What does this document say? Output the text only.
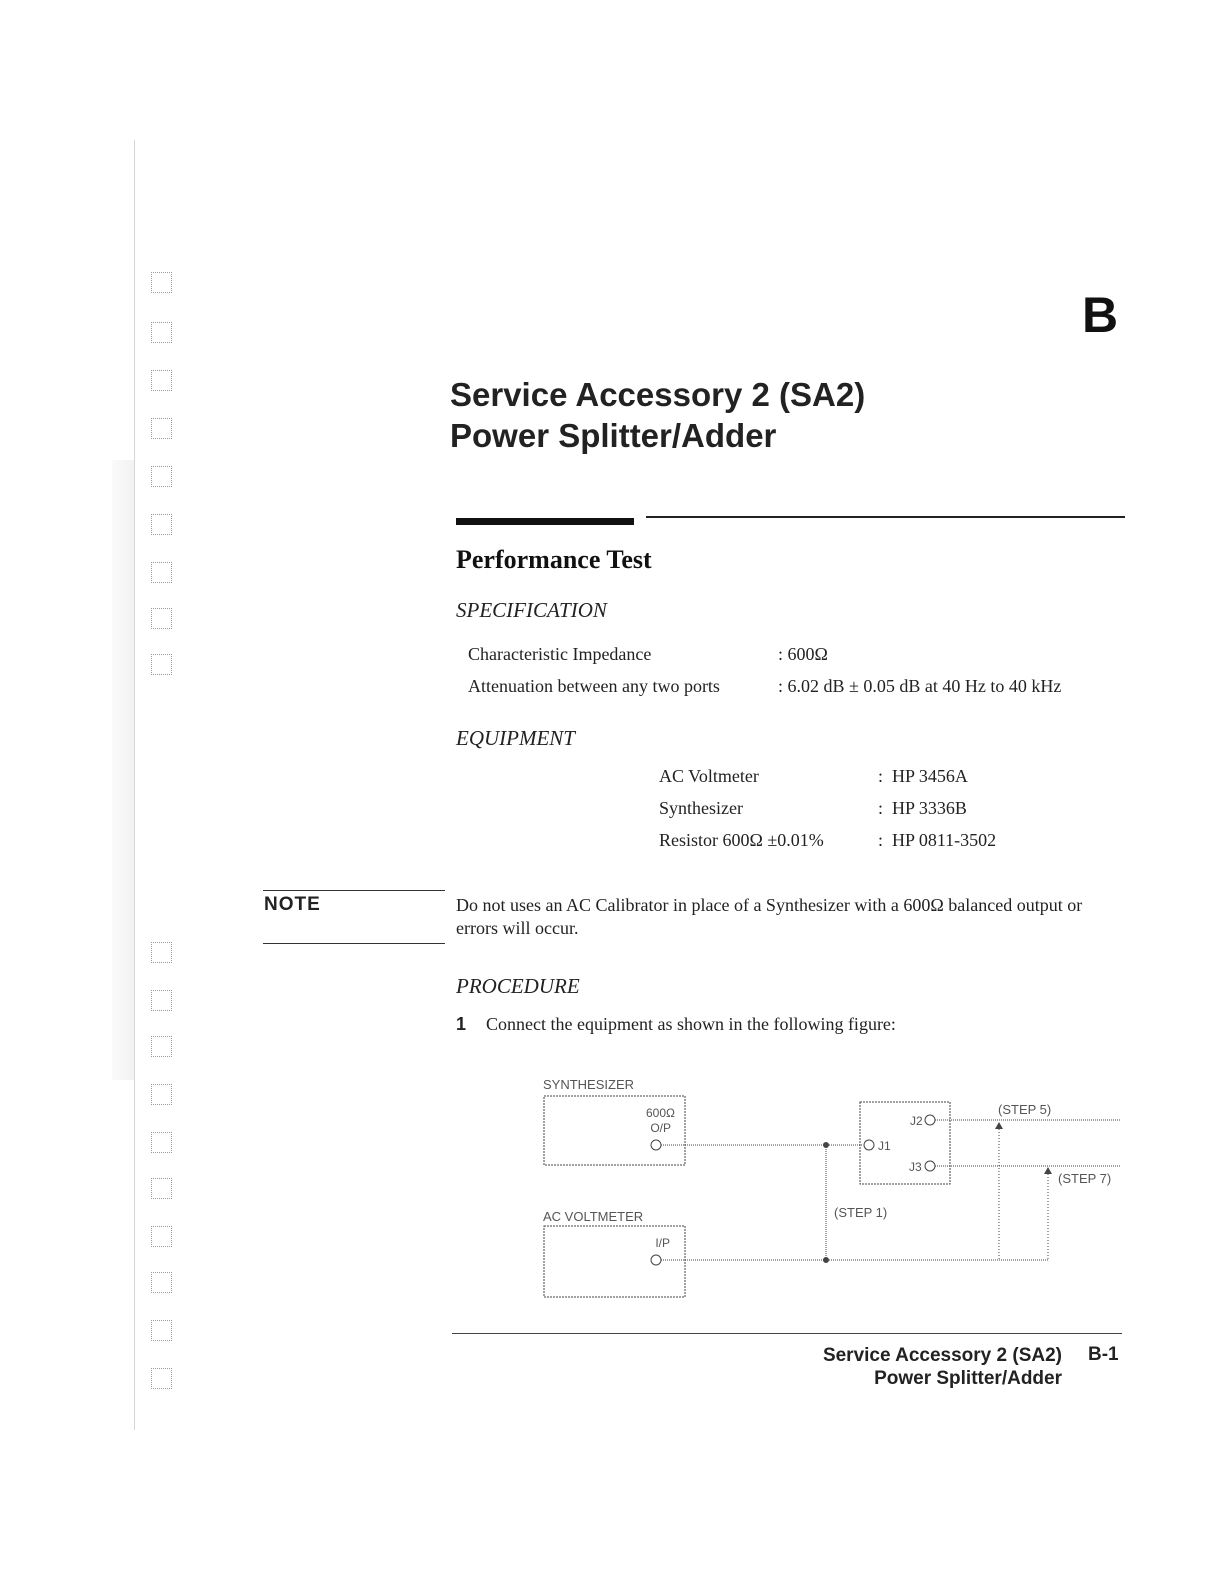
B
Service Accessory 2 (SA2)
Power Splitter/Adder
Performance Test
SPECIFICATION
Characteristic Impedance	: 600Ω
Attenuation between any two ports	: 6.02 dB ± 0.05 dB at 40 Hz to 40 kHz
EQUIPMENT
AC Voltmeter	: HP 3456A
Synthesizer	: HP 3336B
Resistor 600Ω ±0.01%	: HP 0811-3502
NOTE	Do not uses an AC Calibrator in place of a Synthesizer with a 600Ω balanced output or errors will occur.
PROCEDURE
1 Connect the equipment as shown in the following figure:
SYNTHESIZER
600Ω
O/P
J1
J2
J3
(STEP 5)
(STEP 7)
(STEP 1)
AC VOLTMETER
I/P
Service Accessory 2 (SA2)
Power Splitter/Adder
B-1
